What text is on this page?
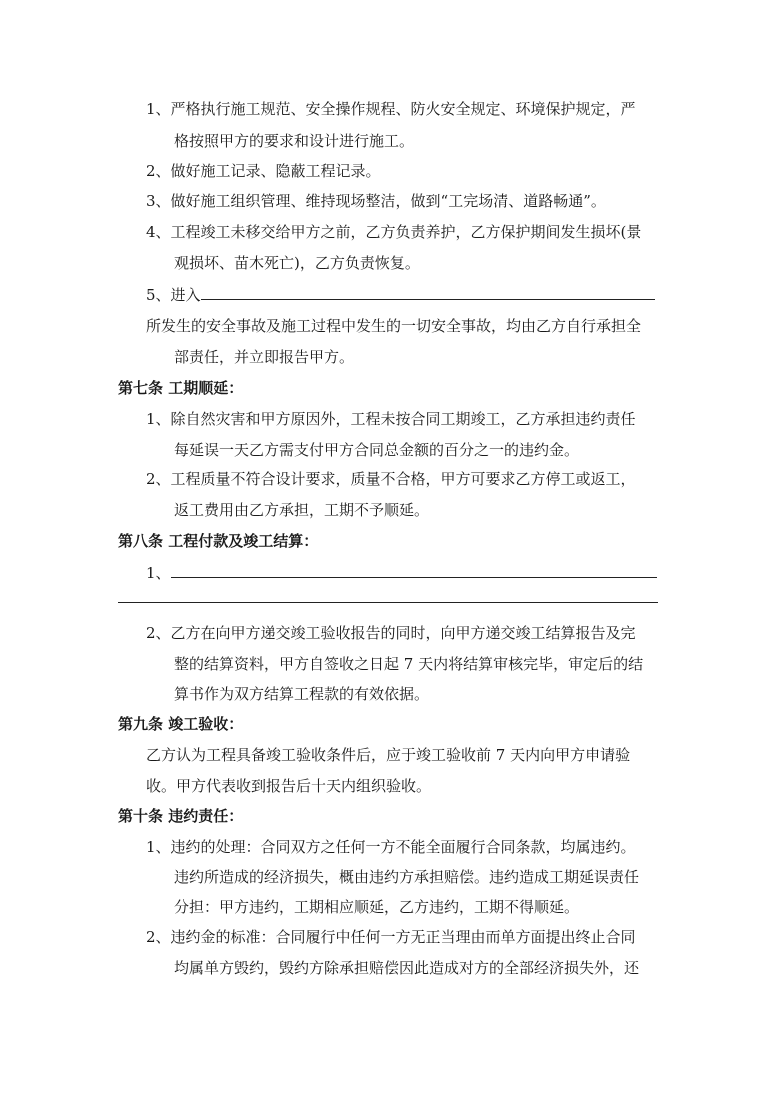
1、严格执行施工规范、安全操作规程、防火安全规定、环境保护规定，严
格按照甲方的要求和设计进行施工。
2、做好施工记录、隐蔽工程记录。
3、做好施工组织管理、维持现场整洁，做到“工完场清、道路畅通”。
4、工程竣工未移交给甲方之前，乙方负责养护，乙方保护期间发生损坏(景
观损坏、苗木死亡)，乙方负责恢复。
5、进入
所发生的安全事故及施工过程中发生的一切安全事故，均由乙方自行承担全
部责任，并立即报告甲方。
第七条 工期顺延：
1、除自然灾害和甲方原因外，工程未按合同工期竣工，乙方承担违约责任
每延误一天乙方需支付甲方合同总金额的百分之一的违约金。
2、工程质量不符合设计要求，质量不合格，甲方可要求乙方停工或返工，
返工费用由乙方承担，工期不予顺延。
第八条 工程付款及竣工结算：
1、
2、乙方在向甲方递交竣工验收报告的同时，向甲方递交竣工结算报告及完
整的结算资料，甲方自签收之日起 7 天内将结算审核完毕，审定后的结
算书作为双方结算工程款的有效依据。
第九条 竣工验收：
乙方认为工程具备竣工验收条件后，应于竣工验收前 7 天内向甲方申请验
收。甲方代表收到报告后十天内组织验收。
第十条 违约责任：
1、违约的处理：合同双方之任何一方不能全面履行合同条款，均属违约。
违约所造成的经济损失，概由违约方承担赔偿。违约造成工期延误责任
分担：甲方违约，工期相应顺延，乙方违约，工期不得顺延。
2、违约金的标准：合同履行中任何一方无正当理由而单方面提出终止合同
均属单方毁约，毁约方除承担赔偿因此造成对方的全部经济损失外，还
